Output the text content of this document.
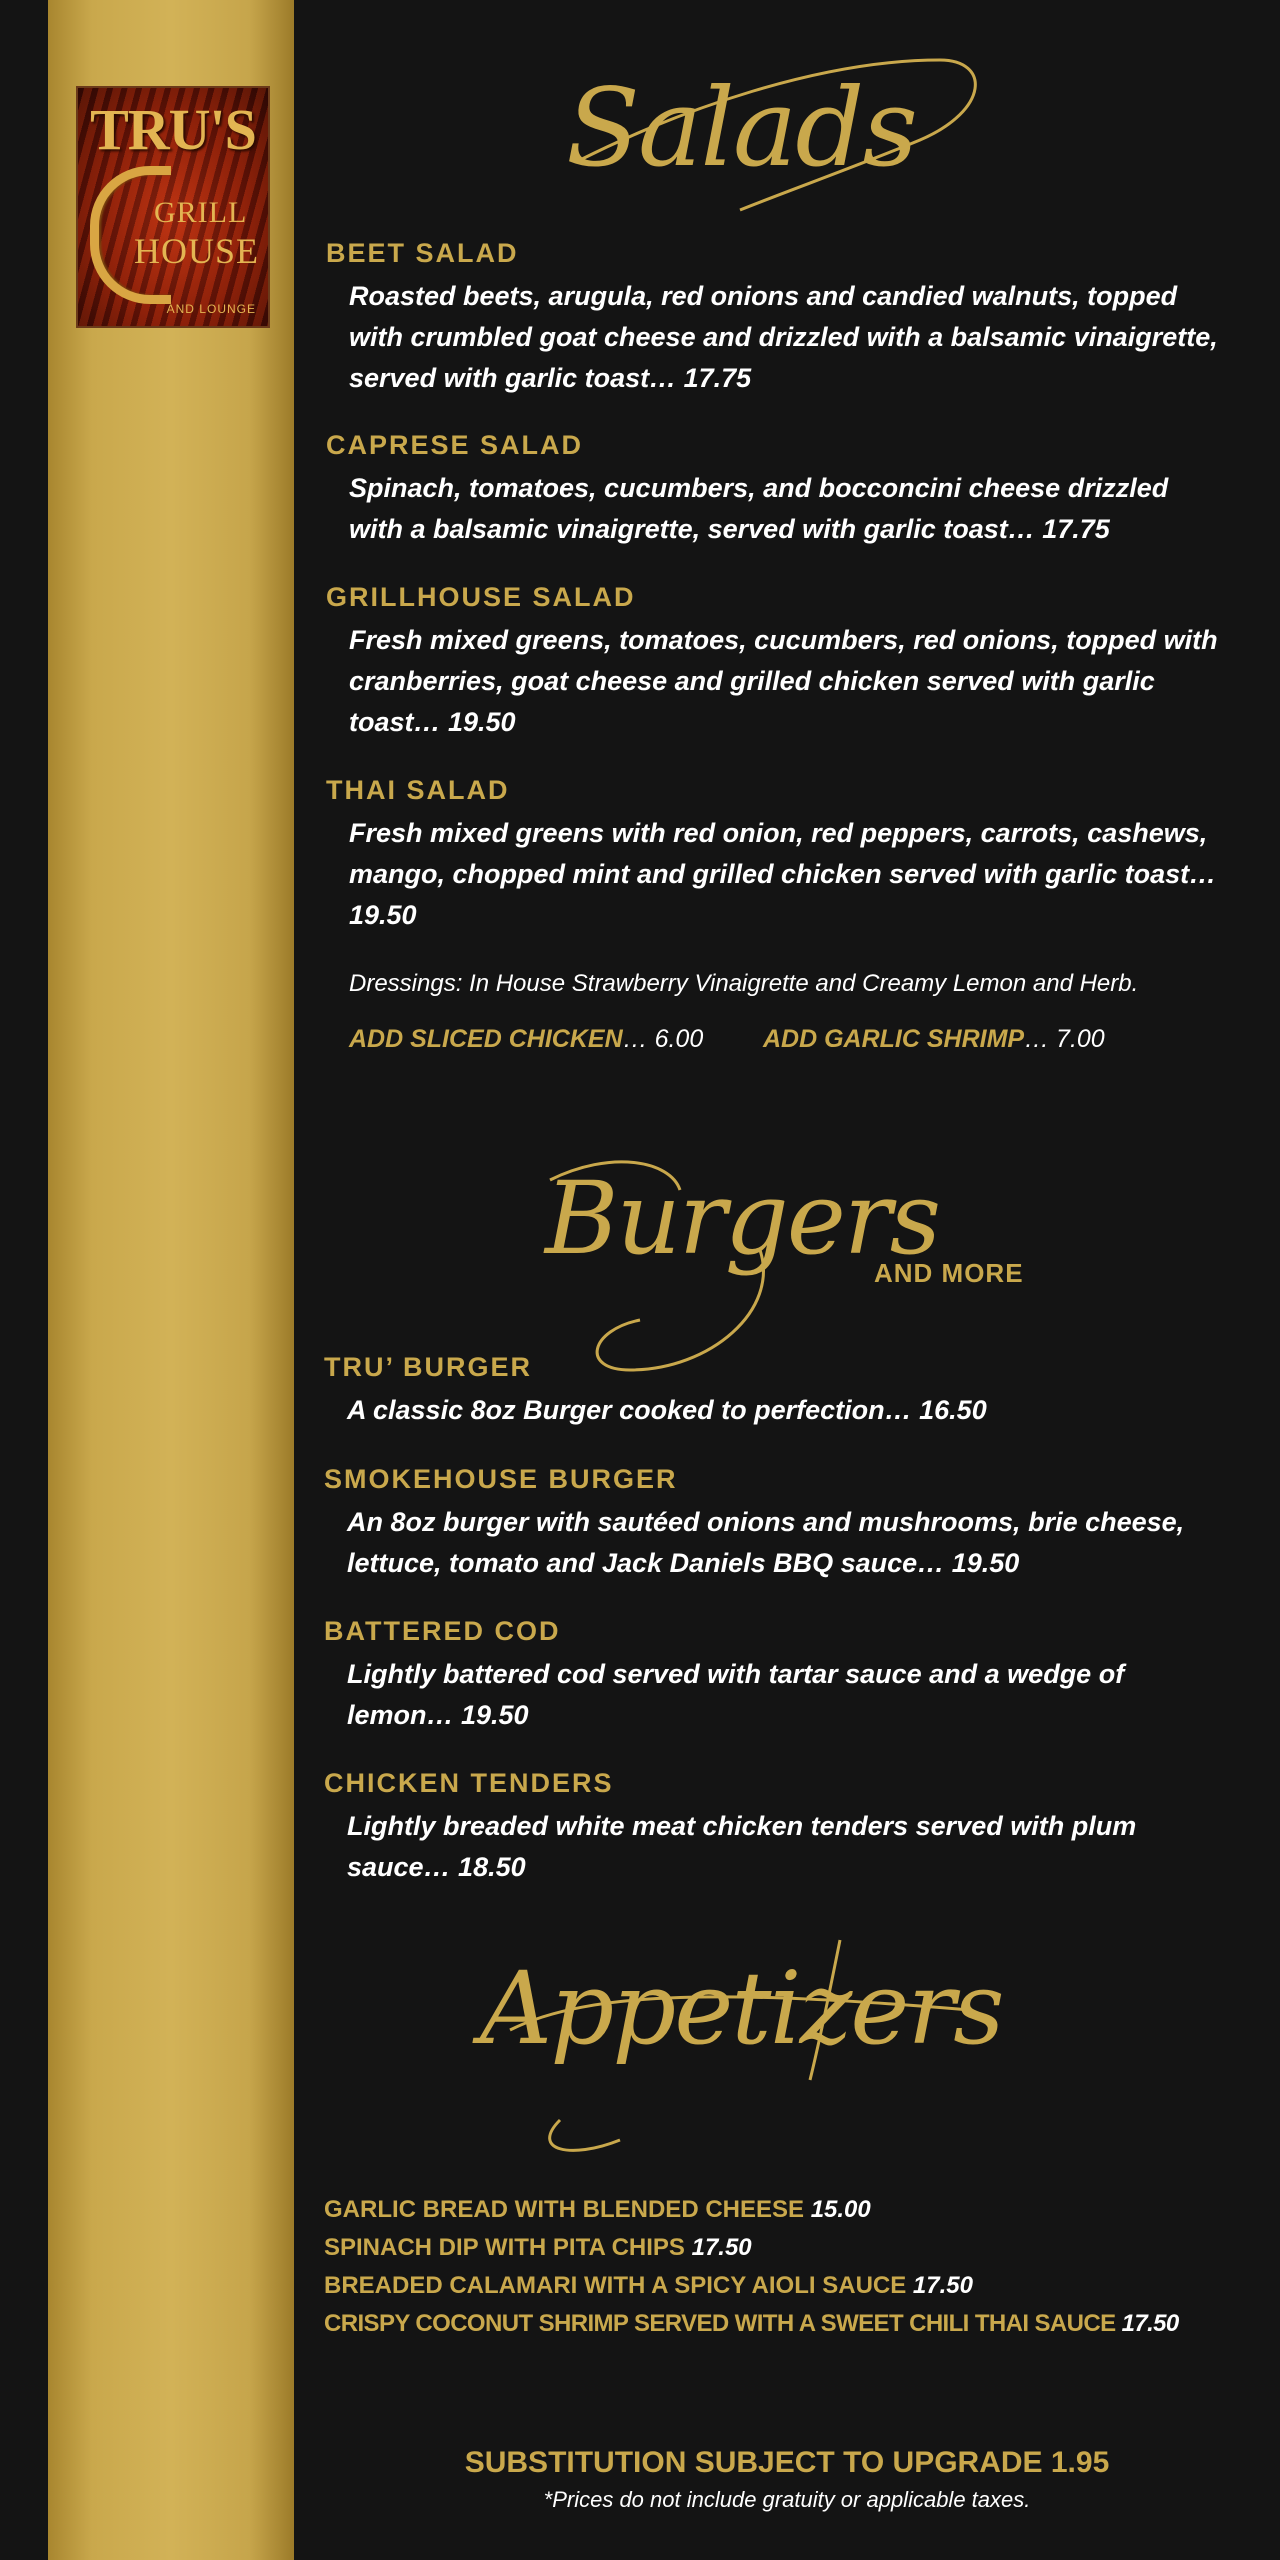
TRU'S
GRILL
HOUSE
AND LOUNGE
Salads
BEET SALAD
Roasted beets, arugula, red onions and candied walnuts, topped with crumbled goat cheese and drizzled with a balsamic vinaigrette, served with garlic toast… 17.75
CAPRESE SALAD
Spinach, tomatoes, cucumbers, and bocconcini cheese drizzled with a balsamic vinaigrette, served with garlic toast… 17.75
GRILLHOUSE SALAD
Fresh mixed greens, tomatoes, cucumbers, red onions, topped with cranberries, goat cheese and grilled chicken served with garlic toast… 19.50
THAI SALAD
Fresh mixed greens with red onion, red peppers, carrots, cashews, mango, chopped mint and grilled chicken served with garlic toast… 19.50
Dressings: In House Strawberry Vinaigrette and Creamy Lemon and Herb.
ADD SLICED CHICKEN… 6.00 ADD GARLIC SHRIMP… 7.00
Burgers
AND MORE
TRU’ BURGER
A classic 8oz Burger cooked to perfection… 16.50
SMOKEHOUSE BURGER
An 8oz burger with sautéed onions and mushrooms, brie cheese, lettuce, tomato and Jack Daniels BBQ sauce… 19.50
BATTERED COD
Lightly battered cod served with tartar sauce and a wedge of lemon… 19.50
CHICKEN TENDERS
Lightly breaded white meat chicken tenders served with plum sauce… 18.50
Appetizers
GARLIC BREAD WITH BLENDED CHEESE 15.00
SPINACH DIP WITH PITA CHIPS 17.50
BREADED CALAMARI WITH A SPICY AIOLI SAUCE 17.50
CRISPY COCONUT SHRIMP SERVED WITH A SWEET CHILI THAI SAUCE 17.50
SUBSTITUTION SUBJECT TO UPGRADE 1.95
*Prices do not include gratuity or applicable taxes.
